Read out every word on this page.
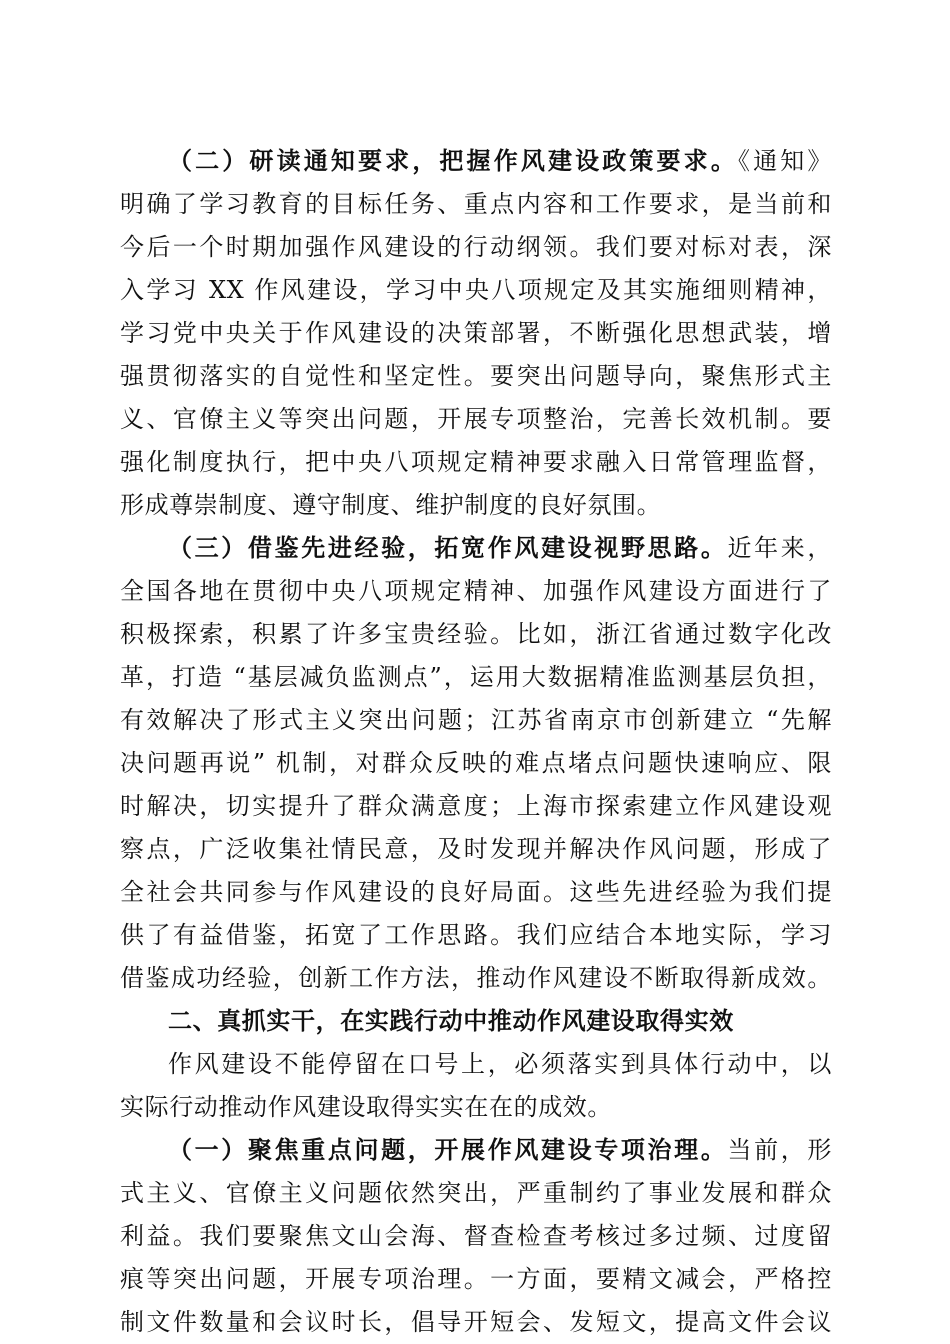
（二）研读通知要求，把握作风建设政策要求。《通知》
明确了学习教育的目标任务、重点内容和工作要求，是当前和
今后一个时期加强作风建设的行动纲领。我们要对标对表，深
入学习 XX 作风建设，学习中央八项规定及其实施细则精神，
学习党中央关于作风建设的决策部署，不断强化思想武装，增
强贯彻落实的自觉性和坚定性。要突出问题导向，聚焦形式主
义、官僚主义等突出问题，开展专项整治，完善长效机制。要
强化制度执行，把中央八项规定精神要求融入日常管理监督，
形成尊崇制度、遵守制度、维护制度的良好氛围。
（三）借鉴先进经验，拓宽作风建设视野思路。近年来，
全国各地在贯彻中央八项规定精神、加强作风建设方面进行了
积极探索，积累了许多宝贵经验。比如，浙江省通过数字化改
革，打造 “基层减负监测点”，运用大数据精准监测基层负担，
有效解决了形式主义突出问题；江苏省南京市创新建立 “先解
决问题再说” 机制，对群众反映的难点堵点问题快速响应、限
时解决，切实提升了群众满意度；上海市探索建立作风建设观
察点，广泛收集社情民意，及时发现并解决作风问题，形成了
全社会共同参与作风建设的良好局面。这些先进经验为我们提
供了有益借鉴，拓宽了工作思路。我们应结合本地实际，学习
借鉴成功经验，创新工作方法，推动作风建设不断取得新成效。
二、真抓实干，在实践行动中推动作风建设取得实效
作风建设不能停留在口号上，必须落实到具体行动中，以
实际行动推动作风建设取得实实在在的成效。
（一）聚焦重点问题，开展作风建设专项治理。当前，形
式主义、官僚主义问题依然突出，严重制约了事业发展和群众
利益。我们要聚焦文山会海、督查检查考核过多过频、过度留
痕等突出问题，开展专项治理。一方面，要精文减会，严格控
制文件数量和会议时长，倡导开短会、发短文，提高文件会议
